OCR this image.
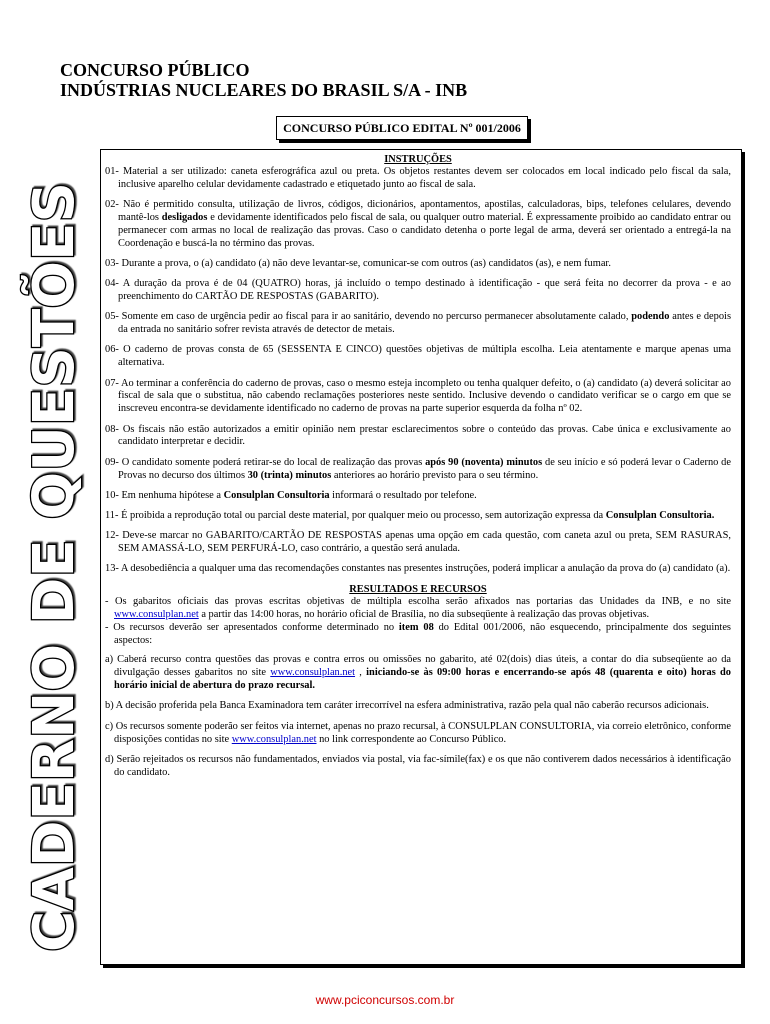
CONCURSO PÚBLICO
INDÚSTRIAS NUCLEARES DO BRASIL S/A - INB
CONCURSO PÚBLICO EDITAL Nº 001/2006
CADERNO DE QUESTÕES
INSTRUÇÕES
01- Material a ser utilizado: caneta esferográfica azul ou preta. Os objetos restantes devem ser colocados em local indicado pelo fiscal da sala, inclusive aparelho celular devidamente cadastrado e etiquetado junto ao fiscal de sala.
02- Não é permitido consulta, utilização de livros, códigos, dicionários, apontamentos, apostilas, calculadoras, bips, telefones celulares, devendo mantê-los desligados e devidamente identificados pelo fiscal de sala, ou qualquer outro material. É expressamente proibido ao candidato entrar ou permanecer com armas no local de realização das provas. Caso o candidato detenha o porte legal de arma, deverá ser orientado a entregá-la na Coordenação e buscá-la no término das provas.
03- Durante a prova, o (a) candidato (a) não deve levantar-se, comunicar-se com outros (as) candidatos (as), e nem fumar.
04- A duração da prova é de 04 (QUATRO) horas, já incluído o tempo destinado à identificação - que será feita no decorrer da prova - e ao preenchimento do CARTÃO DE RESPOSTAS (GABARITO).
05- Somente em caso de urgência pedir ao fiscal para ir ao sanitário, devendo no percurso permanecer absolutamente calado, podendo antes e depois da entrada no sanitário sofrer revista através de detector de metais.
06- O caderno de provas consta de 65 (SESSENTA E CINCO) questões objetivas de múltipla escolha. Leia atentamente e marque apenas uma alternativa.
07- Ao terminar a conferência do caderno de provas, caso o mesmo esteja incompleto ou tenha qualquer defeito, o (a) candidato (a) deverá solicitar ao fiscal de sala que o substitua, não cabendo reclamações posteriores neste sentido. Inclusive devendo o candidato verificar se o cargo em que se inscreveu encontra-se devidamente identificado no caderno de provas na parte superior esquerda da folha nº 02.
08- Os fiscais não estão autorizados a emitir opinião nem prestar esclarecimentos sobre o conteúdo das provas. Cabe única e exclusivamente ao candidato interpretar e decidir.
09- O candidato somente poderá retirar-se do local de realização das provas após 90 (noventa) minutos de seu início e só poderá levar o Caderno de Provas no decurso dos últimos 30 (trinta) minutos anteriores ao horário previsto para o seu término.
10- Em nenhuma hipótese a Consulplan Consultoria informará o resultado por telefone.
11- É proibida a reprodução total ou parcial deste material, por qualquer meio ou processo, sem autorização expressa da Consulplan Consultoria.
12- Deve-se marcar no GABARITO/CARTÃO DE RESPOSTAS apenas uma opção em cada questão, com caneta azul ou preta, SEM RASURAS, SEM AMASSÁ-LO, SEM PERFURÁ-LO, caso contrário, a questão será anulada.
13- A desobediência a qualquer uma das recomendações constantes nas presentes instruções, poderá implicar a anulação da prova do (a) candidato (a).
RESULTADOS E RECURSOS
- Os gabaritos oficiais das provas escritas objetivas de múltipla escolha serão afixados nas portarias das Unidades da INB, e no site www.consulplan.net a partir das 14:00 horas, no horário oficial de Brasília, no dia subseqüente à realização das provas objetivas.
- Os recursos deverão ser apresentados conforme determinado no item 08 do Edital 001/2006, não esquecendo, principalmente dos seguintes aspectos:
a) Caberá recurso contra questões das provas e contra erros ou omissões no gabarito, até 02(dois) dias úteis, a contar do dia subseqüente ao da divulgação desses gabaritos no site www.consulplan.net , iniciando-se às 09:00 horas e encerrando-se após 48 (quarenta e oito) horas do horário inicial de abertura do prazo recursal.
b) A decisão proferida pela Banca Examinadora tem caráter irrecorrível na esfera administrativa, razão pela qual não caberão recursos adicionais.
c) Os recursos somente poderão ser feitos via internet, apenas no prazo recursal, à CONSULPLAN CONSULTORIA, via correio eletrônico, conforme disposições contidas no site www.consulplan.net no link correspondente ao Concurso Público.
d) Serão rejeitados os recursos não fundamentados, enviados via postal, via fac-símile(fax) e os que não contiverem dados necessários à identificação do candidato.
www.pciconcursos.com.br
